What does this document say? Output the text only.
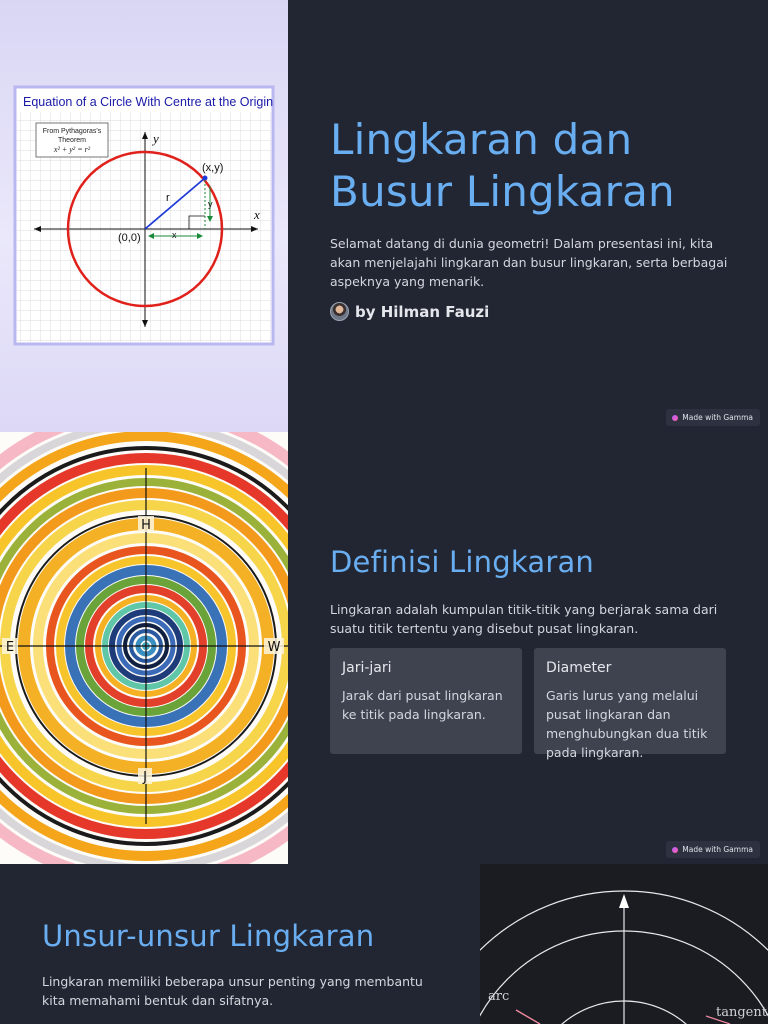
Equation of a Circle With Centre at the Origin
From Pythagoras's
Theorem
x² + y² = r²
x
y
(x,y)
(0,0)
r
x
y
Lingkaran dan Busur Lingkaran

Selamat datang di dunia geometri! Dalam presentasi ini, kita akan menjelajahi lingkaran dan busur lingkaran, serta berbagai aspeknya yang menarik.

by Hilman Fauzi
Made with Gamma
H
E	W
J
Definisi Lingkaran

Lingkaran adalah kumpulan titik-titik yang berjarak sama dari suatu titik tertentu yang disebut pusat lingkaran.

Jari-jari
Jarak dari pusat lingkaran ke titik pada lingkaran.
Diameter
Garis lurus yang melalui pusat lingkaran dan menghubungkan dua titik pada lingkaran.
Made with Gamma
Unsur-unsur Lingkaran

Lingkaran memiliki beberapa unsur penting yang membantu kita memahami bentuk dan sifatnya.	arc
tangent
